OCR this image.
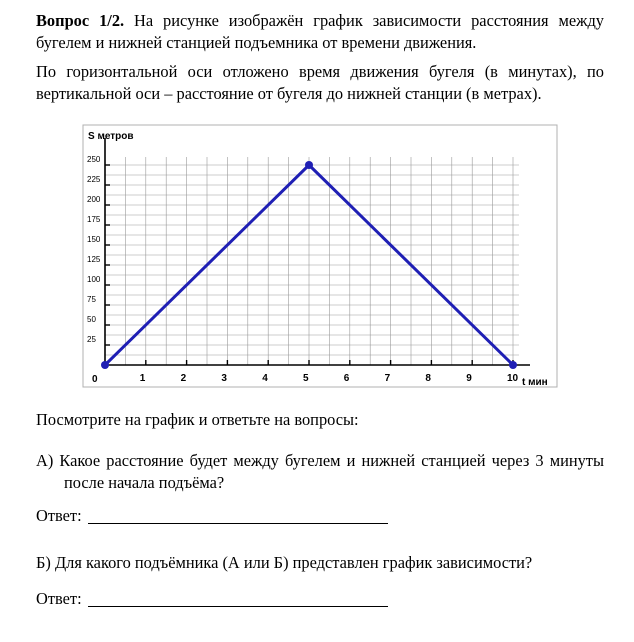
Вопрос 1/2. На рисунке изображён график зависимости расстояния между бугелем и нижней станцией подъемника от времени движения.
По горизонтальной оси отложено время движения бугеля (в минутах), по вертикальной оси – расстояние от бугеля до нижней станции (в метрах).
25
50
75
100
125
150
175
200
225
250
1	2	3	4	5	6	7	8	9	10
S метров
t мин
0
Посмотрите на график и ответьте на вопросы:
А) Какое расстояние будет между бугелем и нижней станцией через 3 минуты после начала подъёма?
Ответ:
Б) Для какого подъёмника (А или Б) представлен график зависимости?
Ответ:
